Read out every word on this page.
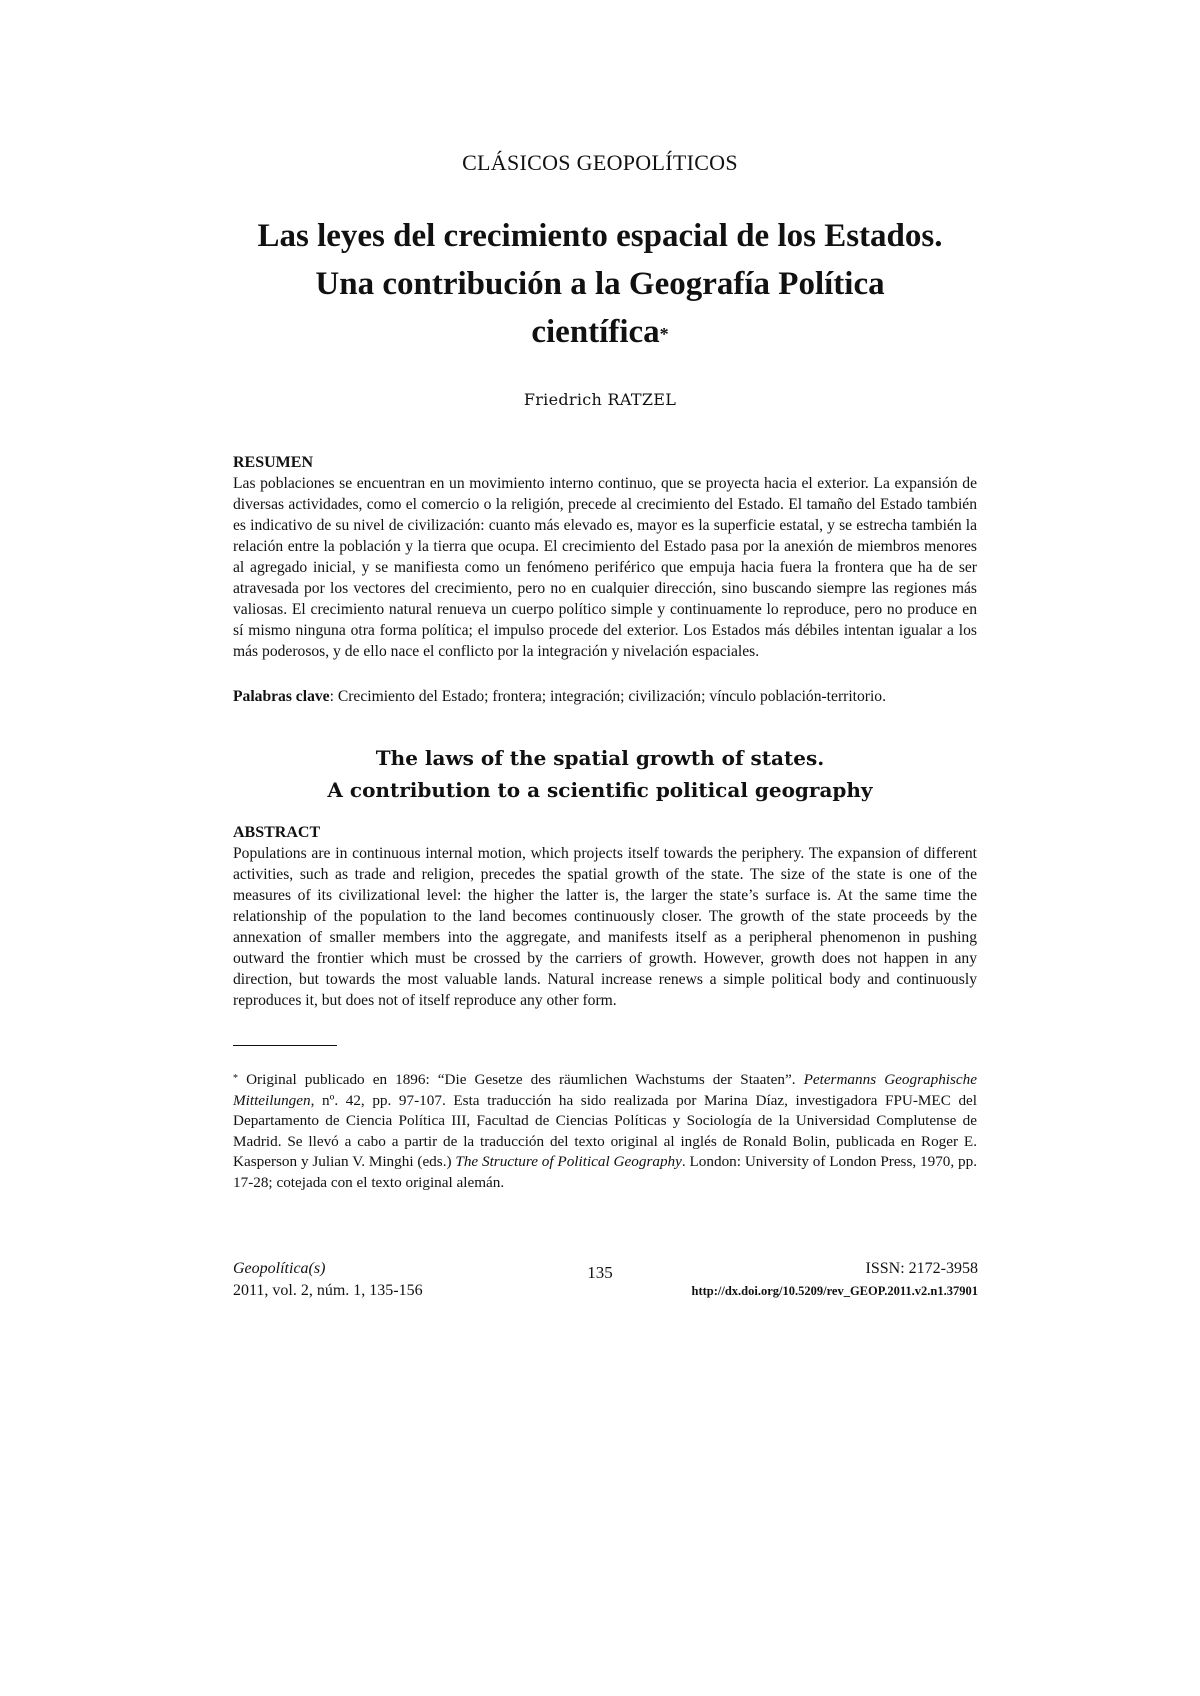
CLÁSICOS GEOPOLÍTICOS
Las leyes del crecimiento espacial de los Estados.
Una contribución a la Geografía Política
científica*
Friedrich RATZEL
RESUMEN
Las poblaciones se encuentran en un movimiento interno continuo, que se proyecta hacia el exterior. La expansión de diversas actividades, como el comercio o la religión, precede al crecimiento del Estado. El tamaño del Estado también es indicativo de su nivel de civilización: cuanto más elevado es, mayor es la superficie estatal, y se estrecha también la relación entre la población y la tierra que ocupa. El crecimiento del Estado pasa por la anexión de miembros menores al agregado inicial, y se manifiesta como un fenómeno periférico que empuja hacia fuera la frontera que ha de ser atravesada por los vectores del crecimiento, pero no en cualquier dirección, sino buscando siempre las regiones más valiosas. El crecimiento natural renueva un cuerpo político simple y continuamente lo reproduce, pero no produce en sí mismo ninguna otra forma política; el impulso procede del exterior. Los Estados más débiles intentan igualar a los más poderosos, y de ello nace el conflicto por la integración y nivelación espaciales.
Palabras clave: Crecimiento del Estado; frontera; integración; civilización; vínculo población-territorio.
The laws of the spatial growth of states.
A contribution to a scientific political geography
ABSTRACT
Populations are in continuous internal motion, which projects itself towards the periphery. The expansion of different activities, such as trade and religion, precedes the spatial growth of the state. The size of the state is one of the measures of its civilizational level: the higher the latter is, the larger the state’s surface is. At the same time the relationship of the population to the land becomes continuously closer. The growth of the state proceeds by the annexation of smaller members into the aggregate, and manifests itself as a peripheral phenomenon in pushing outward the frontier which must be crossed by the carriers of growth. However, growth does not happen in any direction, but towards the most valuable lands. Natural increase renews a simple political body and continuously reproduces it, but does not of itself reproduce any other form.
* Original publicado en 1896: “Die Gesetze des räumlichen Wachstums der Staaten”. Petermanns Geographische Mitteilungen, nº. 42, pp. 97-107. Esta traducción ha sido realizada por Marina Díaz, investigadora FPU-MEC del Departamento de Ciencia Política III, Facultad de Ciencias Políticas y Sociología de la Universidad Complutense de Madrid. Se llevó a cabo a partir de la traducción del texto original al inglés de Ronald Bolin, publicada en Roger E. Kasperson y Julian V. Minghi (eds.) The Structure of Political Geography. London: University of London Press, 1970, pp. 17-28; cotejada con el texto original alemán.
Geopolítica(s)
2011, vol. 2, núm. 1, 135-156
135	ISSN: 2172-3958
http://dx.doi.org/10.5209/rev_GEOP.2011.v2.n1.37901
